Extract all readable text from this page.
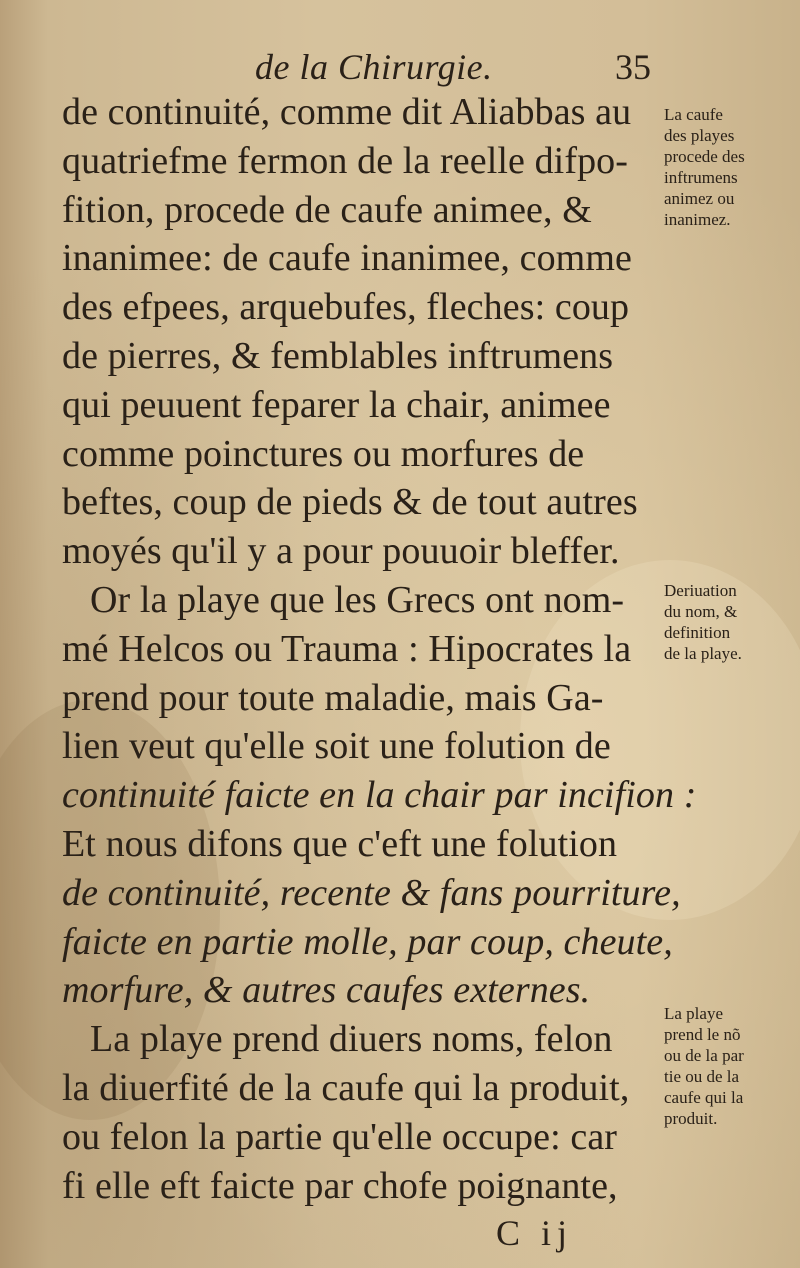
de la Chirurgie.	35
de continuité, comme dit Aliabbas au
quatriefme fermon de la reelle difpo-
fition, procede de caufe animee, &
inanimee: de caufe inanimee, comme
des efpees, arquebufes, fleches: coup
de pierres, & femblables inftrumens
qui peuuent feparer la chair, animee
comme poinctures ou morfures de
beftes, coup de pieds & de tout autres
moyés qu'il y a pour pouuoir bleffer.
Or la playe que les Grecs ont nom-
mé Helcos ou Trauma : Hipocrates la
prend pour toute maladie, mais Ga-
lien veut qu'elle soit une folution de
continuité faicte en la chair par incifion :
Et nous difons que c'eft une folution
de continuité, recente & fans pourriture,
faicte en partie molle, par coup, cheute,
morfure, & autres caufes externes.
La playe prend diuers noms, felon
la diuerfité de la caufe qui la produit,
ou felon la partie qu'elle occupe: car
fi elle eft faicte par chofe poignante,
La caufe
des playes
procede des
inftrumens
animez ou
inanimez.
Deriuation
du nom, &
definition
de la playe.
La playe
prend le nõ
ou de la par
tie ou de la
caufe qui la
produit.
C ij
